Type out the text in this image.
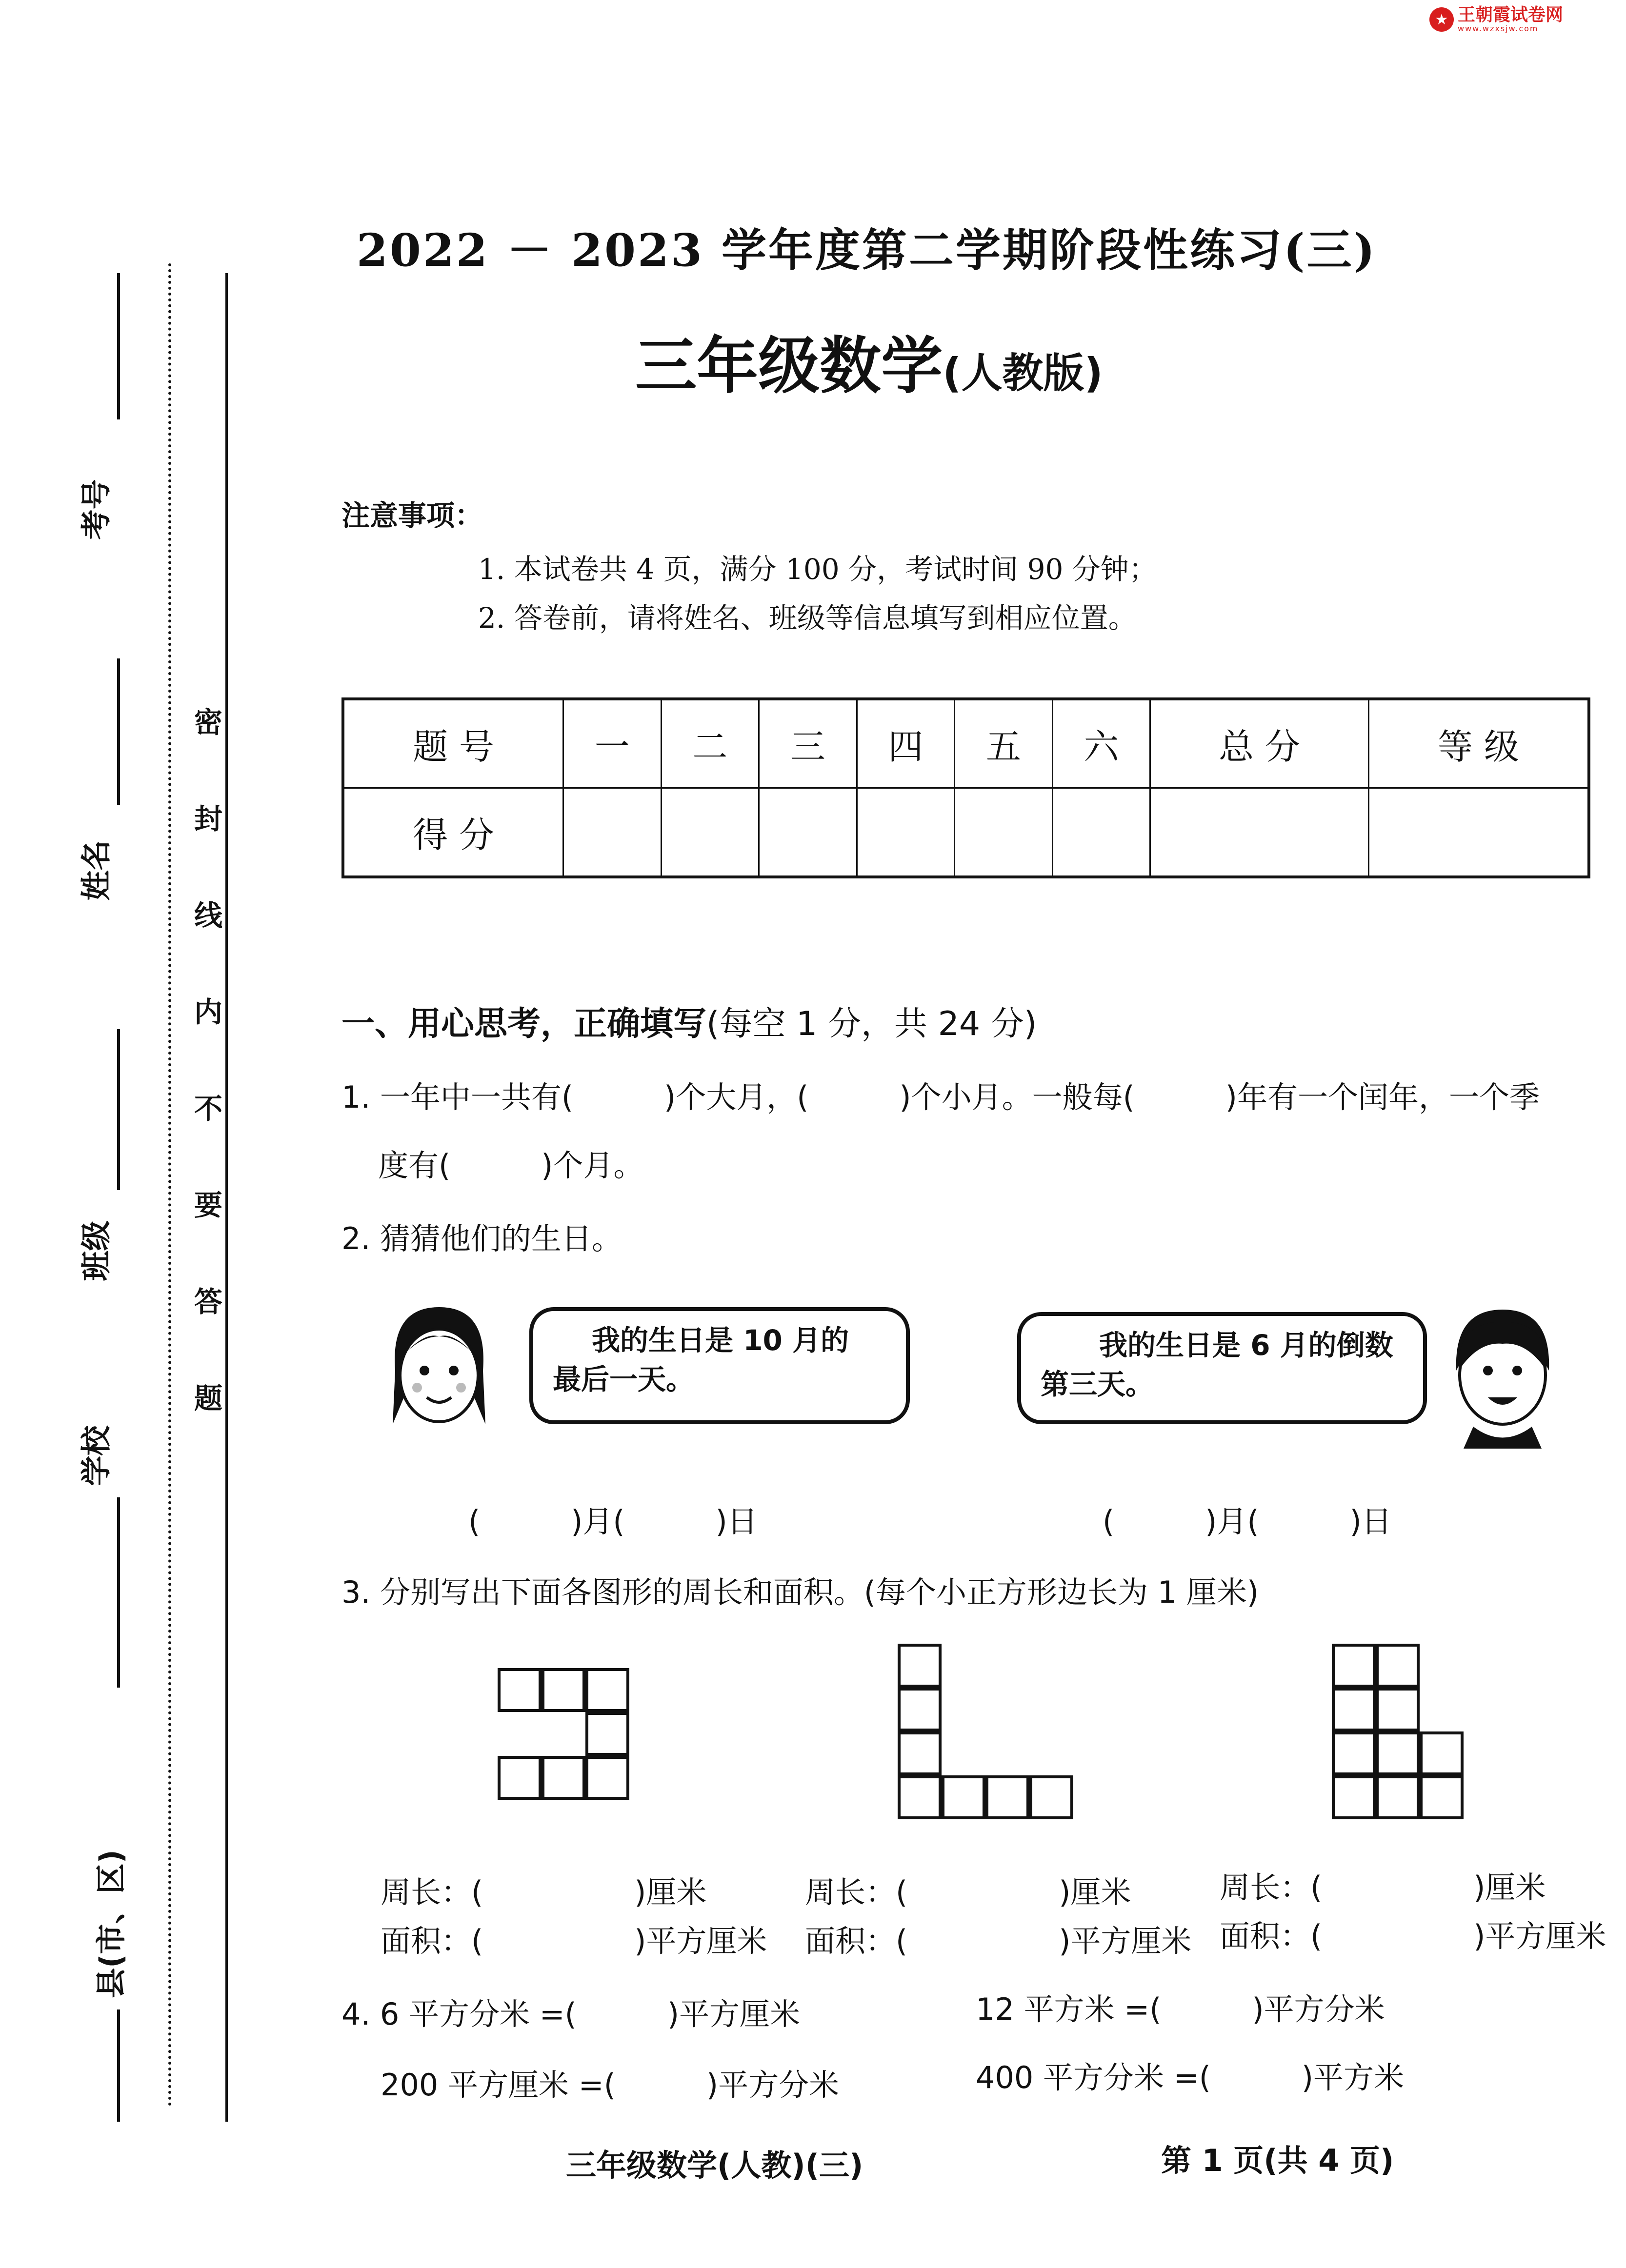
★ 王朝霞试卷网
www.wzxsjw.com
考号
姓名
班级
学校
县(市、区)
密封线内不要答题
2022 － 2023 学年度第二学期阶段性练习(三)
三年级数学(人教版)
注意事项：
1. 本试卷共 4 页，满分 100 分，考试时间 90 分钟；
2. 答卷前，请将姓名、班级等信息填写到相应位置。
题 号	一	二	三	四	五	六	总 分	等 级
得 分								
一、用心思考，正确填写(每空 1 分，共 24 分)
1. 一年中一共有(　　　)个大月，(　　　)个小月。一般每(　　　)年有一个闰年，一个季
度有(　　　)个月。
2. 猜猜他们的生日。
我的生日是 10 月的
最后一天。
我的生日是 6 月的倒数
第三天。
(　　　)月(　　　)日	(　　　)月(　　　)日
3. 分别写出下面各图形的周长和面积。(每个小正方形边长为 1 厘米)
周长：(　　　　　)厘米
面积：(　　　　　)平方厘米
周长：(　　　　　)厘米
面积：(　　　　　)平方厘米
周长：(　　　　　)厘米
面积：(　　　　　)平方厘米
4. 6 平方分米 =(　　　)平方厘米	12 平方米 =(　　　)平方分米
200 平方厘米 =(　　　)平方分米	400 平方分米 =(　　　)平方米
三年级数学(人教)(三)	第 1 页(共 4 页)
